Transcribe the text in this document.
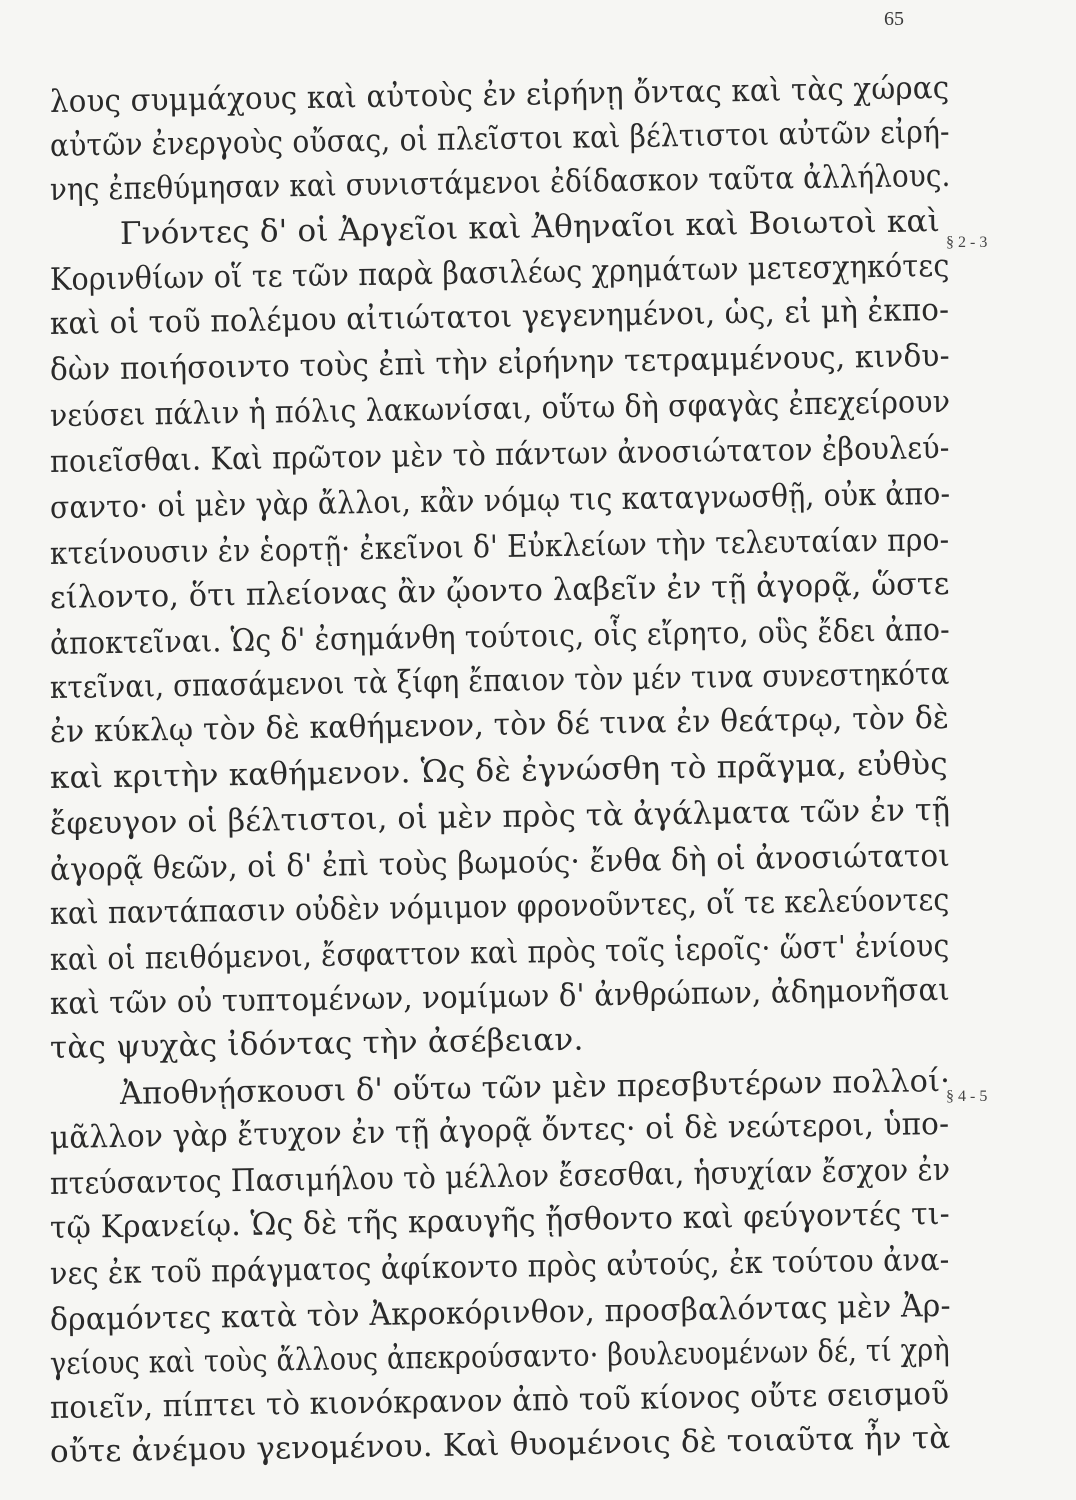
65
λους συμμάχους καὶ αὐτοὺς ἐν εἰρήνῃ ὄντας καὶ τὰς χώρας
αὐτῶν ἐνεργοὺς οὔσας, οἱ πλεῖστοι καὶ βέλτιστοι αὐτῶν εἰρή-
νης ἐπεθύμησαν καὶ συνιστάμενοι ἐδίδασκον ταῦτα ἀλλήλους.
Γνόντες δ' οἱ Ἀργεῖοι καὶ Ἀθηναῖοι καὶ Βοιωτοὶ καὶ
Κορινθίων οἵ τε τῶν παρὰ βασιλέως χρημάτων μετεσχηκότες
καὶ οἱ τοῦ πολέμου αἰτιώτατοι γεγενημένοι, ὡς, εἰ μὴ ἐκπο-
δὼν ποιήσοιντο τοὺς ἐπὶ τὴν εἰρήνην τετραμμένους, κινδυ-
νεύσει πάλιν ἡ πόλις λακωνίσαι, οὕτω δὴ σφαγὰς ἐπεχείρουν
ποιεῖσθαι. Καὶ πρῶτον μὲν τὸ πάντων ἀνοσιώτατον ἐβουλεύ-
σαντο· οἱ μὲν γὰρ ἄλλοι, κἂν νόμῳ τις καταγνωσθῇ, οὐκ ἀπο-
κτείνουσιν ἐν ἑορτῇ· ἐκεῖνοι δ' Εὐκλείων τὴν τελευταίαν προ-
είλοντο, ὅτι πλείονας ἂν ᾤοντο λαβεῖν ἐν τῇ ἀγορᾷ, ὥστε
ἀποκτεῖναι. Ὡς δ' ἐσημάνθη τούτοις, οἷς εἴρητο, οὓς ἔδει ἀπο-
κτεῖναι, σπασάμενοι τὰ ξίφη ἔπαιον τὸν μέν τινα συνεστηκότα
ἐν κύκλῳ τὸν δὲ καθήμενον, τὸν δέ τινα ἐν θεάτρῳ, τὸν δὲ
καὶ κριτὴν καθήμενον. Ὡς δὲ ἐγνώσθη τὸ πρᾶγμα, εὐθὺς
ἔφευγον οἱ βέλτιστοι, οἱ μὲν πρὸς τὰ ἀγάλματα τῶν ἐν τῇ
ἀγορᾷ θεῶν, οἱ δ' ἐπὶ τοὺς βωμούς· ἔνθα δὴ οἱ ἀνοσιώτατοι
καὶ παντάπασιν οὐδὲν νόμιμον φρονοῦντες, οἵ τε κελεύοντες
καὶ οἱ πειθόμενοι, ἔσφαττον καὶ πρὸς τοῖς ἱεροῖς· ὥστ' ἐνίους
καὶ τῶν οὐ τυπτομένων, νομίμων δ' ἀνθρώπων, ἀδημονῆσαι
τὰς ψυχὰς ἰδόντας τὴν ἀσέβειαν.
Ἀποθνῄσκουσι δ' οὕτω τῶν μὲν πρεσβυτέρων πολλοί·
μᾶλλον γὰρ ἔτυχον ἐν τῇ ἀγορᾷ ὄντες· οἱ δὲ νεώτεροι, ὑπο-
πτεύσαντος Πασιμήλου τὸ μέλλον ἔσεσθαι, ἡσυχίαν ἔσχον ἐν
τῷ Κρανείῳ. Ὡς δὲ τῆς κραυγῆς ᾔσθοντο καὶ φεύγοντές τι-
νες ἐκ τοῦ πράγματος ἀφίκοντο πρὸς αὐτούς, ἐκ τούτου ἀνα-
δραμόντες κατὰ τὸν Ἀκροκόρινθον, προσβαλόντας μὲν Ἀρ-
γείους καὶ τοὺς ἄλλους ἀπεκρούσαντο· βουλευομένων δέ, τί χρὴ
ποιεῖν, πίπτει τὸ κιονόκρανον ἀπὸ τοῦ κίονος οὔτε σεισμοῦ
οὔτε ἀνέμου γενομένου. Καὶ θυομένοις δὲ τοιαῦτα ἦν τὰ
§ 2 - 3
§ 4 - 5
